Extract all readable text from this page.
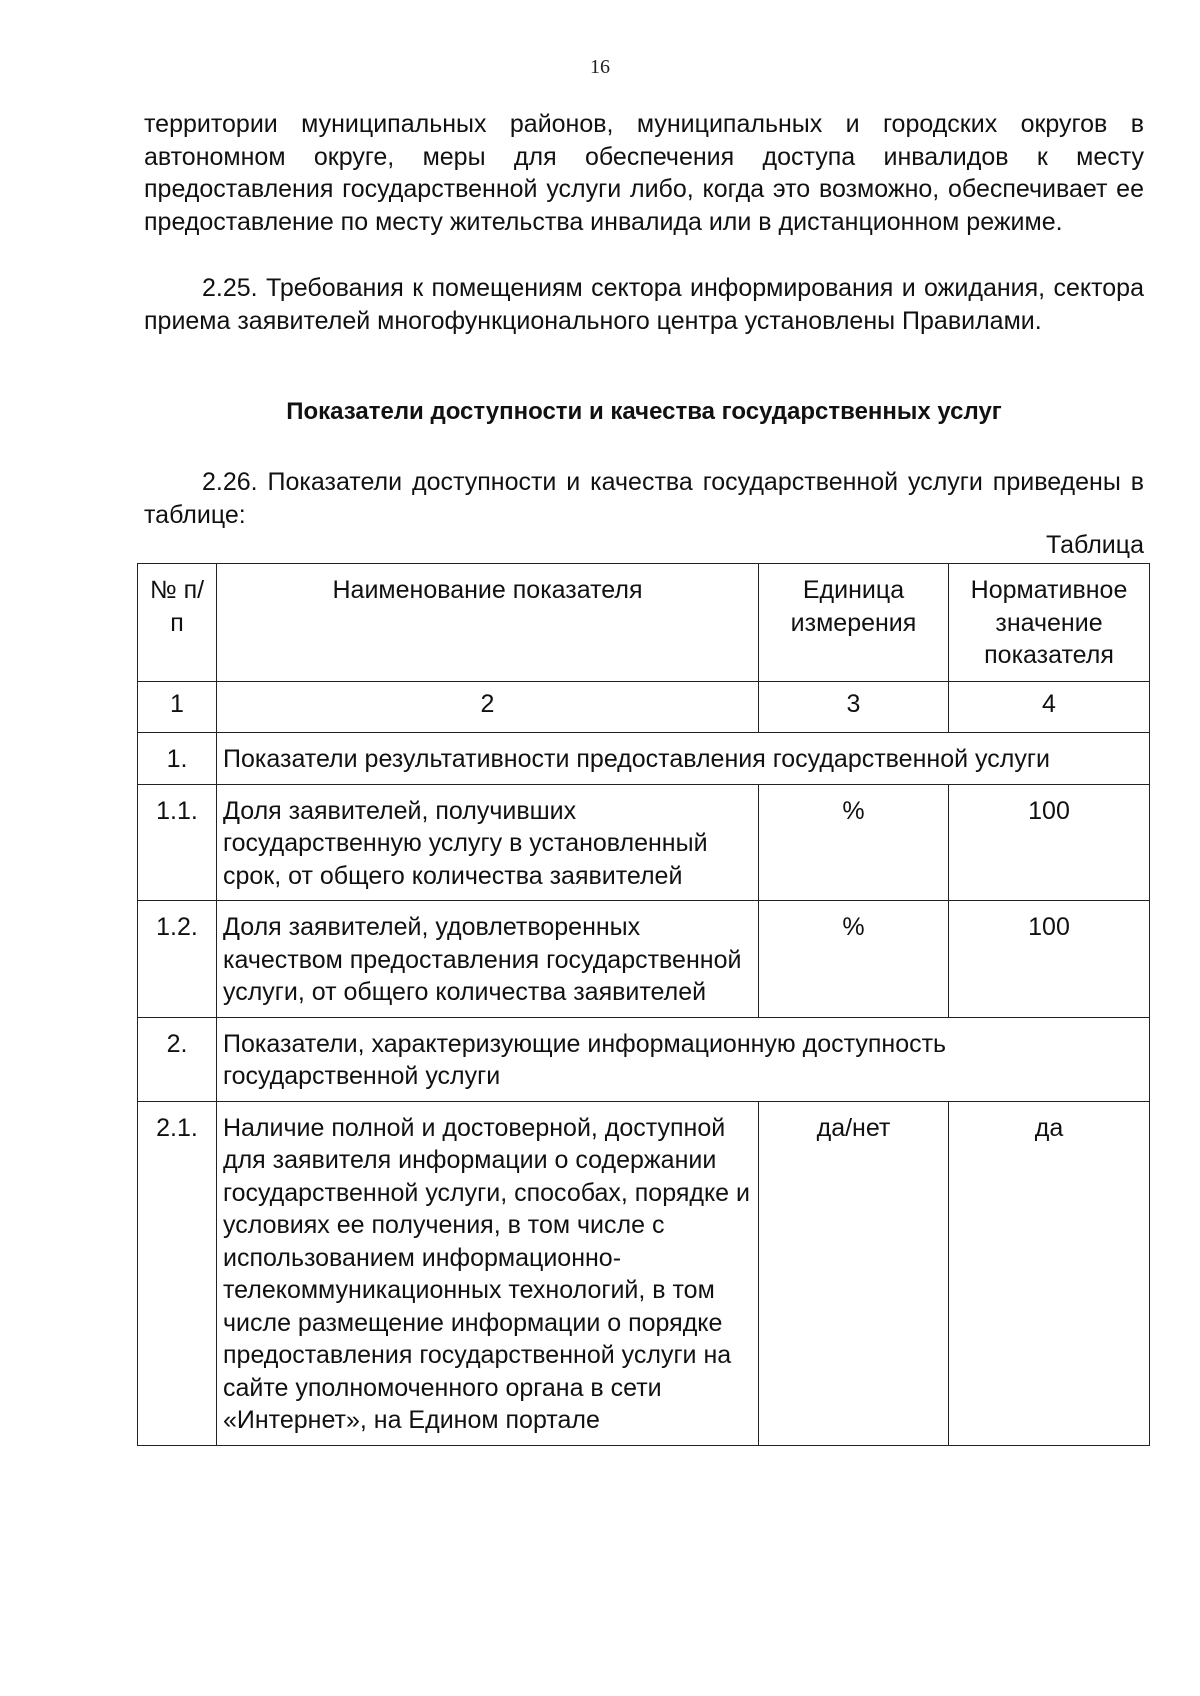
16
территории муниципальных районов, муниципальных и городских округов в автономном округе, меры для обеспечения доступа инвалидов к месту предоставления государственной услуги либо, когда это возможно, обеспечивает ее предоставление по месту жительства инвалида или в дистанционном режиме.
2.25. Требования к помещениям сектора информирования и ожидания, сектора приема заявителей многофункционального центра установлены Правилами.
Показатели доступности и качества государственных услуг
2.26. Показатели доступности и качества государственной услуги приведены в таблице:
Таблица
№ п/п	Наименование показателя	Единица измерения	Нормативное значение показателя
1	2	3	4
1.	Показатели результативности предоставления государственной услуги		
1.1.	Доля заявителей, получивших государственную услугу в установленный срок, от общего количества заявителей	%	100
1.2.	Доля заявителей, удовлетворенных качеством предоставления государственной услуги, от общего количества заявителей	%	100
2.	Показатели, характеризующие информационную доступность государственной услуги		
2.1.	Наличие полной и достоверной, доступной для заявителя информации о содержании государственной услуги, способах, порядке и условиях ее получения, в том числе с использованием информационно-телекоммуникационных технологий, в том числе размещение информации о порядке предоставления государственной услуги на сайте уполномоченного органа в сети «Интернет», на Едином портале	да/нет	да
